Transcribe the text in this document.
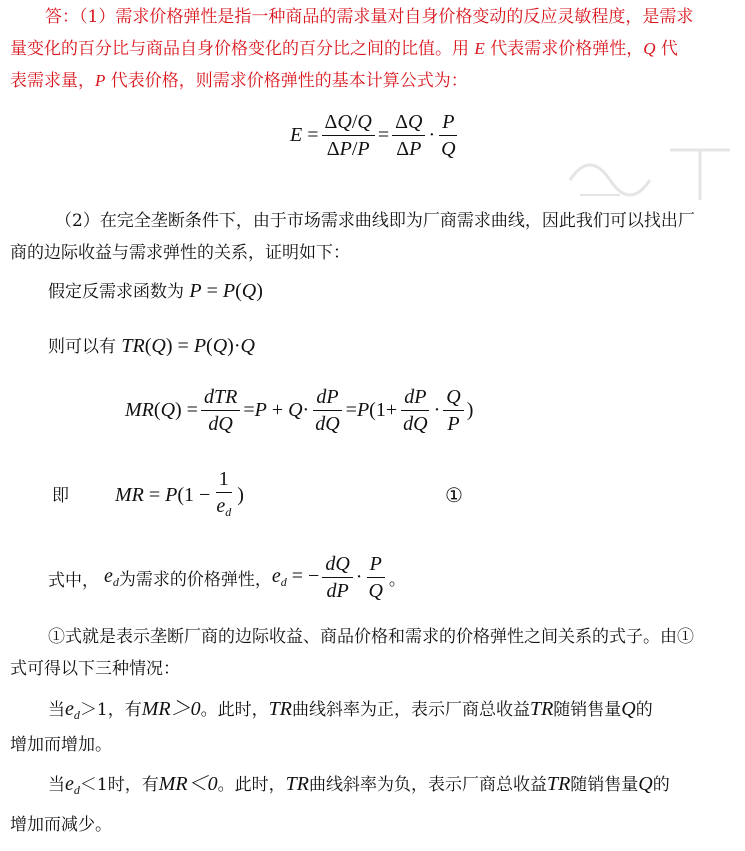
答：（1）需求价格弹性是指一种商品的需求量对自身价格变动的反应灵敏程度，是需求
量变化的百分比与商品自身价格变化的百分比之间的比值。用 E 代表需求价格弹性，Q 代
表需求量，P 代表价格，则需求价格弹性的基本计算公式为：
$E = \frac{\Delta Q/Q}{\Delta P/P} = \frac{\Delta Q}{\Delta P} \cdot \frac{P}{Q}$
（2）在完全垄断条件下，由于市场需求曲线即为厂商需求曲线，因此我们可以找出厂
商的边际收益与需求弹性的关系，证明如下：
假定反需求函数为 P = P(Q)
则可以有 TR(Q) = P(Q)·Q
MR ( Q ) = $\frac{\text{dTR}}{dQ} = P + Q \cdot \frac{dP}{dQ} = P$ ($1+ \frac{dP}{dQ} \cdot \frac{Q}{P}$ )
即 MR = P ($1 - \frac{1}{e_d}$ )	①
式中， $e_d$ 为需求的价格弹性， $e_d$ = − $\frac{dQ}{dP} \cdot \frac{P}{Q}$ 。
①式就是表示垄断厂商的边际收益、商品价格和需求的价格弹性之间关系的式子。由①
式可得以下三种情况：
当$e_d>1$，有MR＞0。此时，TR曲线斜率为正，表示厂商总收益TR随销售量Q的
增加而增加。
当$e_d<1$时，有MR＜0。此时，TR曲线斜率为负，表示厂商总收益TR随销售量Q的
增加而减少。
